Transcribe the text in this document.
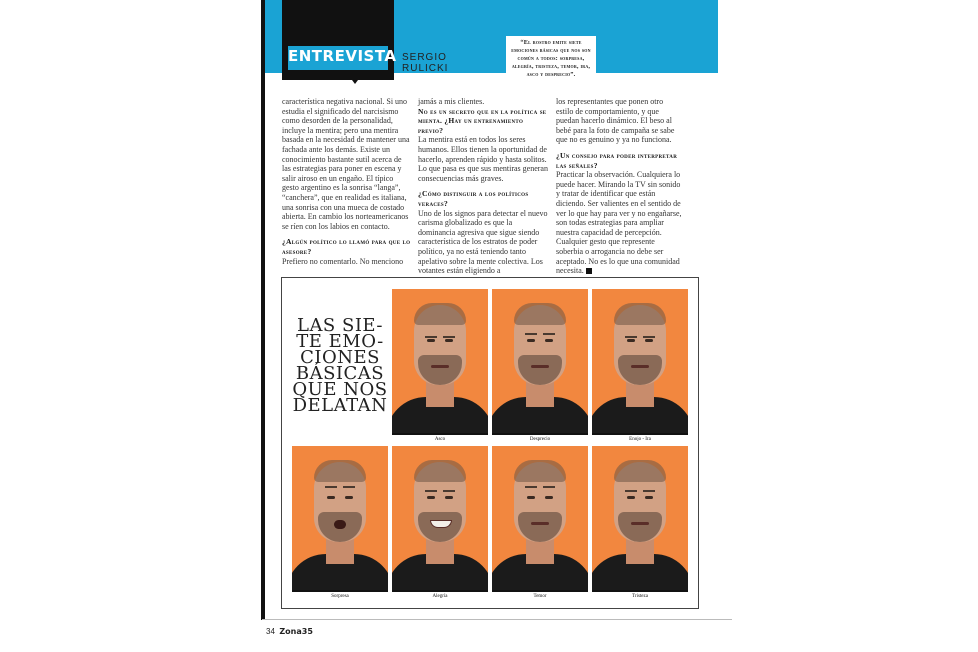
ENTREVISTA SERGIO
RULICKI
“El rostro emite siete emociones básicas que nos son común a todos: sorpresa, alegría, tristeza, temor, ira, asco y desprecio”.

característica negativa nacional. Si uno estudia el significado del narcisismo como desorden de la personalidad, incluye la mentira; pero una mentira basada en la necesidad de mantener una fachada ante los demás. Existe un conocimiento bastante sutil acerca de las estrategias para poner en escena y salir airoso en un engaño. El típico gesto argentino es la sonrisa “langa”, “canchera”, que en realidad es italiana, una sonrisa con una mueca de costado abierta. En cambio los norteamericanos se ríen con los labios en contacto.

¿Algún político lo llamó para que lo asesore?

Prefiero no comentarlo. No menciono

jamás a mis clientes.

No es un secreto que en la política se mienta. ¿Hay un entrenamiento previo?

La mentira está en todos los seres humanos. Ellos tienen la oportunidad de hacerlo, aprenden rápido y hasta solitos. Lo que pasa es que sus mentiras generan consecuencias más graves.

¿Cómo distinguir a los políticos veraces?

Uno de los signos para detectar el nuevo carisma globalizado es que la dominancia agresiva que sigue siendo característica de los estratos de poder político, ya no está teniendo tanto apelativo sobre la mente colectiva. Los votantes están eligiendo a

los representantes que ponen otro estilo de comportamiento, y que puedan hacerlo dinámico. El beso al bebé para la foto de campaña se sabe que no es genuino y ya no funciona.

¿Un consejo para poder interpretar las señales?

Practicar la observación. Cualquiera lo puede hacer. Mirando la TV sin sonido y tratar de identificar que están diciendo. Ser valientes en el sentido de ver lo que hay para ver y no engañarse, son todas estrategias para ampliar nuestra capacidad de percepción. Cualquier gesto que represente soberbia o arrogancia no debe ser aceptado. No es lo que una comunidad necesita.

LAS SIE-
TE EMO-
CIONES
BÁSICAS
QUE NOS
DELATAN
Asco	Desprecio	Enojo - Ira
Sorpresa	Alegría	Temor	Tristeza
34 Zona35
